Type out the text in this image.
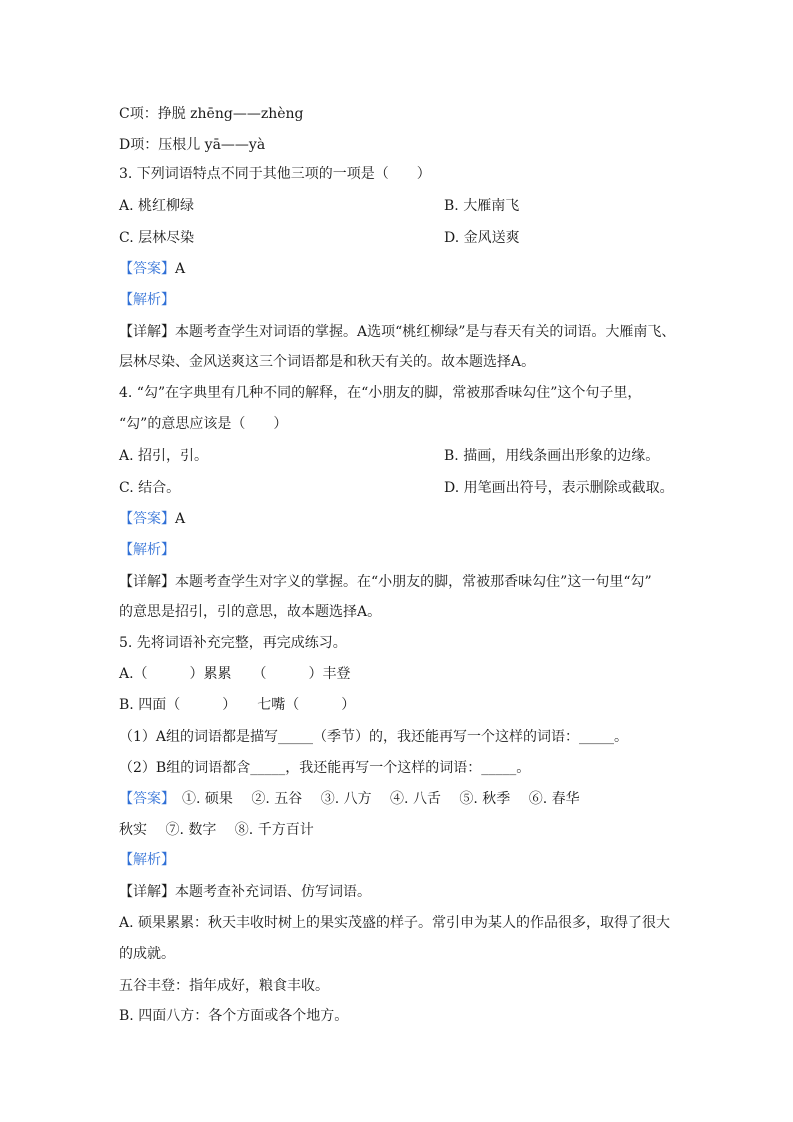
C项：挣脱 zhēng——zhèng
D项：压根儿 yā——yà
3. 下列词语特点不同于其他三项的一项是（　　）
A. 桃红柳绿	B. 大雁南飞
C. 层林尽染	D. 金风送爽
【答案】A
【解析】
【详解】本题考查学生对词语的掌握。A选项“桃红柳绿”是与春天有关的词语。大雁南飞、
层林尽染、金风送爽这三个词语都是和秋天有关的。故本题选择A。
4. “勾”在字典里有几种不同的解释，在“小朋友的脚，常被那香味勾住”这个句子里，
“勾”的意思应该是（　　）
A. 招引，引。	B. 描画，用线条画出形象的边缘。
C. 结合。	D. 用笔画出符号，表示删除或截取。
【答案】A
【解析】
【详解】本题考查学生对字义的掌握。在“小朋友的脚，常被那香味勾住”这一句里“勾”
的意思是招引，引的意思，故本题选择A。
5. 先将词语补充完整，再完成练习。
A.（　　　）累累　　（　　　）丰登
B. 四面（　　　）　　七嘴（　　　）
（1）A组的词语都是描写_____（季节）的，我还能再写一个这样的词语：_____。
（2）B组的词语都含_____，我还能再写一个这样的词语：_____。
【答案】　①. 硕果　 ②. 五谷　 ③. 八方　 ④. 八舌　 ⑤. 秋季　 ⑥. 春华
秋实　 ⑦. 数字　 ⑧. 千方百计
【解析】
【详解】本题考查补充词语、仿写词语。
A. 硕果累累：秋天丰收时树上的果实茂盛的样子。常引申为某人的作品很多，取得了很大
的成就。
五谷丰登：指年成好，粮食丰收。
B. 四面八方：各个方面或各个地方。
